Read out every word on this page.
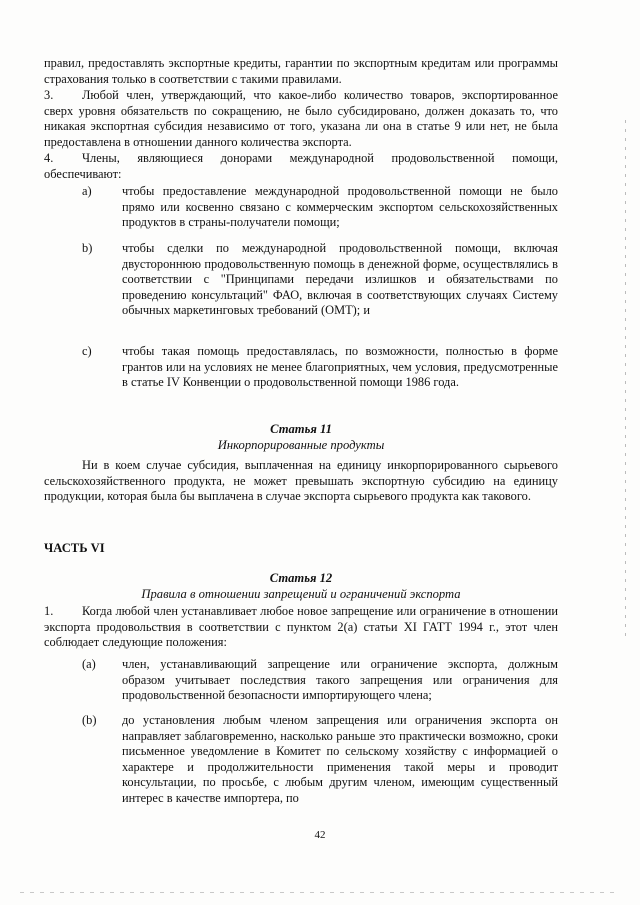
правил, предоставлять экспортные кредиты, гарантии по экспортным кредитам или программы страхования только в соответствии с такими правилами.

3. Любой член, утверждающий, что какое-либо количество товаров, экспортированное сверх уровня обязательств по сокращению, не было субсидировано, должен доказать то, что никакая экспортная субсидия независимо от того, указана ли она в статье 9 или нет, не была предоставлена в отношении данного количества экспорта.

4. Члены, являющиеся донорами международной продовольственной помощи, обеспечивают:

a) чтобы предоставление международной продовольственной помощи не было прямо или косвенно связано с коммерческим экспортом сельскохозяйственных продуктов в страны-получатели помощи;
b) чтобы сделки по международной продовольственной помощи, включая двустороннюю продовольственную помощь в денежной форме, осуществлялись в соответствии с "Принципами передачи излишков и обязательствами по проведению консультаций" ФАО, включая в соответствующих случаях Систему обычных маркетинговых требований (ОМТ); и
c) чтобы такая помощь предоставлялась, по возможности, полностью в форме грантов или на условиях не менее благоприятных, чем условия, предусмотренные в статье IV Конвенции о продовольственной помощи 1986 года.
Статья 11
Инкорпорированные продукты

Ни в коем случае субсидия, выплаченная на единицу инкорпорированного сырьевого сельскохозяйственного продукта, не может превышать экспортную субсидию на единицу продукции, которая была бы выплачена в случае экспорта сырьевого продукта как такового.

ЧАСТЬ VI
Статья 12
Правила в отношении запрещений и ограничений экспорта

1. Когда любой член устанавливает любое новое запрещение или ограничение в отношении экспорта продовольствия в соответствии с пунктом 2(а) статьи XI ГАТТ 1994 г., этот член соблюдает следующие положения:

(a) член, устанавливающий запрещение или ограничение экспорта, должным образом учитывает последствия такого запрещения или ограничения для продовольственной безопасности импортирующего члена;
(b) до установления любым членом запрещения или ограничения экспорта он направляет заблаговременно, насколько раньше это практически возможно, сроки письменное уведомление в Комитет по сельскому хозяйству с информацией о характере и продолжительности применения такой меры и проводит консультации, по просьбе, с любым другим членом, имеющим существенный интерес в качестве импортера, по
42
